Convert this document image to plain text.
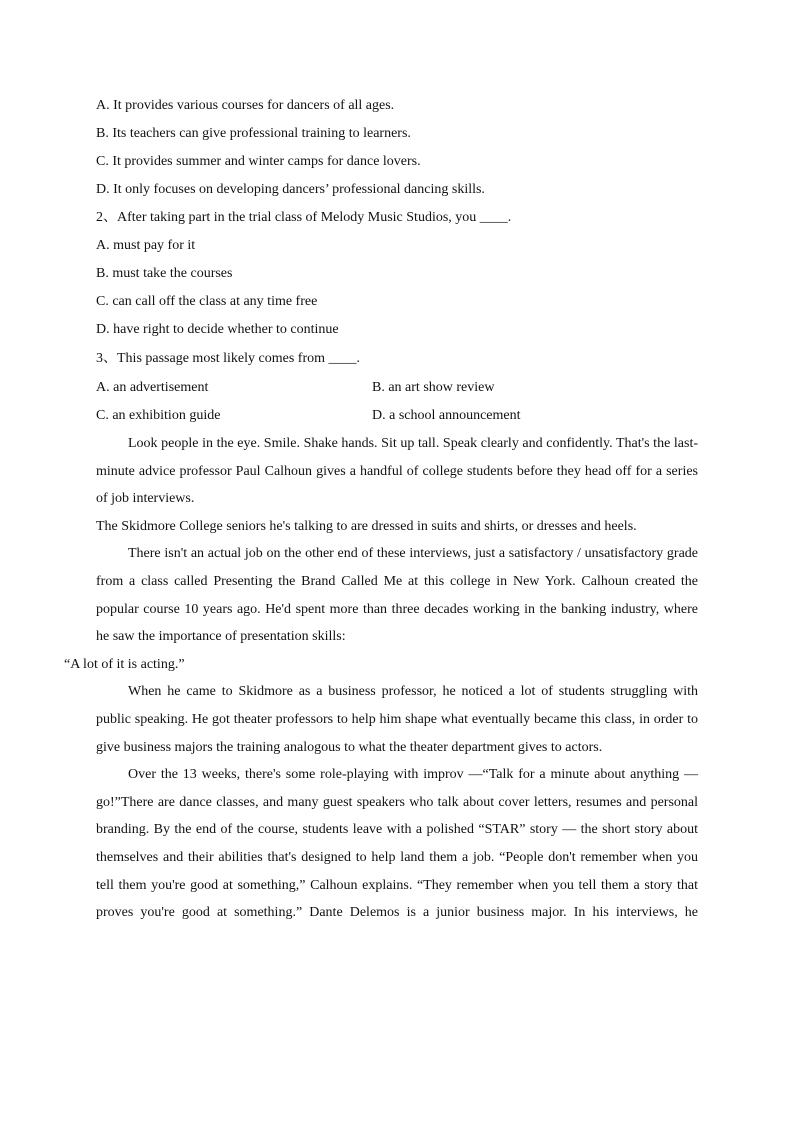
A. It provides various courses for dancers of all ages.
B. Its teachers can give professional training to learners.
C. It provides summer and winter camps for dance lovers.
D. It only focuses on developing dancers’ professional dancing skills.
2、After taking part in the trial class of Melody Music Studios, you ____.
A. must pay for it
B. must take the courses
C. can call off the class at any time free
D. have right to decide whether to continue
3、This passage most likely comes from ____.
A. an advertisement	B. an art show review
C. an exhibition guide	D. a school announcement

Look people in the eye. Smile. Shake hands. Sit up tall. Speak clearly and confidently. That's the last-minute advice professor Paul Calhoun gives a handful of college students before they head off for a series of job interviews.

The Skidmore College seniors he's talking to are dressed in suits and shirts, or dresses and heels.

There isn't an actual job on the other end of these interviews, just a satisfactory / unsatisfactory grade from a class called Presenting the Brand Called Me at this college in New York. Calhoun created the popular course 10 years ago. He'd spent more than three decades working in the banking industry, where he saw the importance of presentation skills:
“A lot of it is acting.”

When he came to Skidmore as a business professor, he noticed a lot of students struggling with public speaking. He got theater professors to help him shape what eventually became this class, in order to give business majors the training analogous to what the theater department gives to actors.

Over the 13 weeks, there's some role-playing with improv —“Talk for a minute about anything — go!”There are dance classes, and many guest speakers who talk about cover letters, resumes and personal branding. By the end of the course, students leave with a polished “STAR” story — the short story about themselves and their abilities that's designed to help land them a job. “People don't remember when you tell them you're good at something,” Calhoun explains. “They remember when you tell them a story that proves you're good at something.” Dante Delemos is a junior business major. In his interviews, he
